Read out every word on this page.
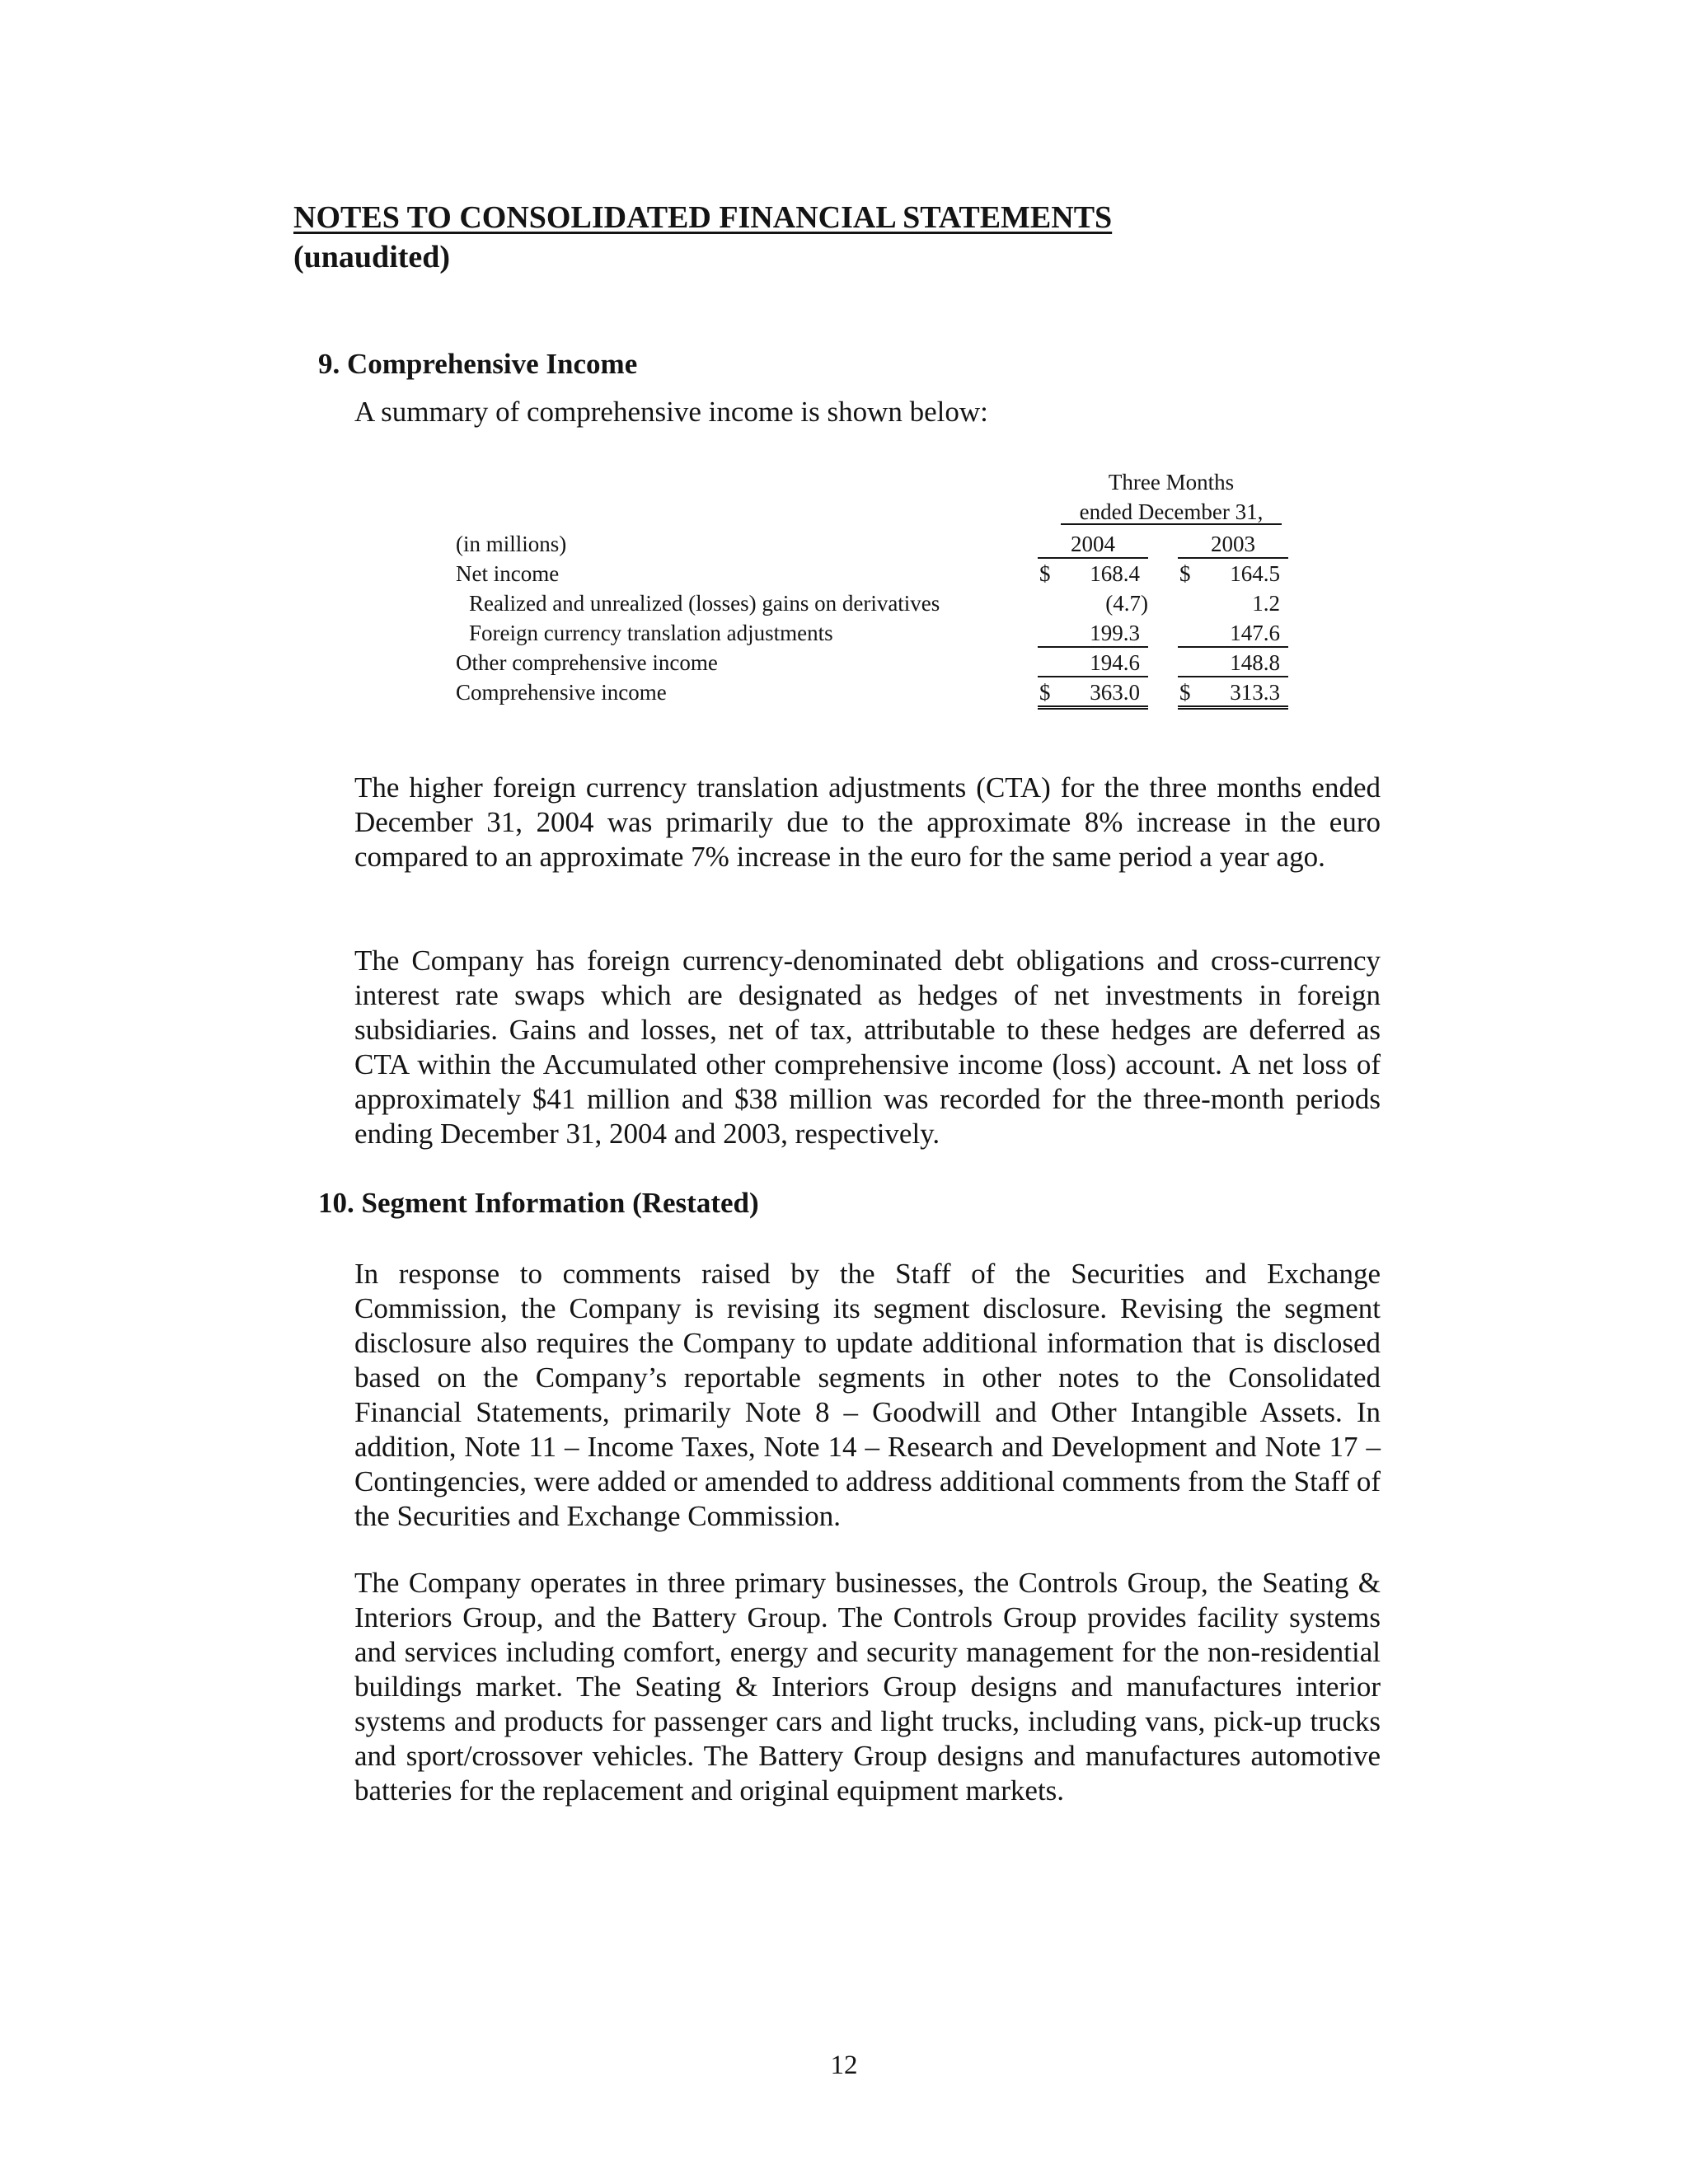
NOTES TO CONSOLIDATED FINANCIAL STATEMENTS
(unaudited)
9. Comprehensive Income
A summary of comprehensive income is shown below:
Three Months
ended December 31,
(in millions)	2004	2003
Net income	$ 168.4 $ 164.5
Realized and unrealized (losses) gains on derivatives	(4.7)	1.2
Foreign currency translation adjustments	199.3	147.6
Other comprehensive income	194.6	148.8
Comprehensive income	$ 363.0 $ 313.3

The higher foreign currency translation adjustments (CTA) for the three months ended December 31, 2004 was primarily due to the approximate 8% increase in the euro compared to an approximate 7% increase in the euro for the same period a year ago.

The Company has foreign currency-denominated debt obligations and cross-currency interest rate swaps which are designated as hedges of net investments in foreign subsidiaries. Gains and losses, net of tax, attributable to these hedges are deferred as CTA within the Accumulated other comprehensive income (loss) account. A net loss of approximately $41 million and $38 million was recorded for the three-month periods ending December 31, 2004 and 2003, respectively.

10. Segment Information (Restated)

In response to comments raised by the Staff of the Securities and Exchange Commission, the Company is revising its segment disclosure. Revising the segment disclosure also requires the Company to update additional information that is disclosed based on the Company’s reportable segments in other notes to the Consolidated Financial Statements, primarily Note 8 – Goodwill and Other Intangible Assets. In addition, Note 11 – Income Taxes, Note 14 – Research and Development and Note 17 – Contingencies, were added or amended to address additional comments from the Staff of the Securities and Exchange Commission.

The Company operates in three primary businesses, the Controls Group, the Seating & Interiors Group, and the Battery Group. The Controls Group provides facility systems and services including comfort, energy and security management for the non-residential buildings market. The Seating & Interiors Group designs and manufactures interior systems and products for passenger cars and light trucks, including vans, pick-up trucks and sport/crossover vehicles. The Battery Group designs and manufactures automotive batteries for the replacement and original equipment markets.

12
